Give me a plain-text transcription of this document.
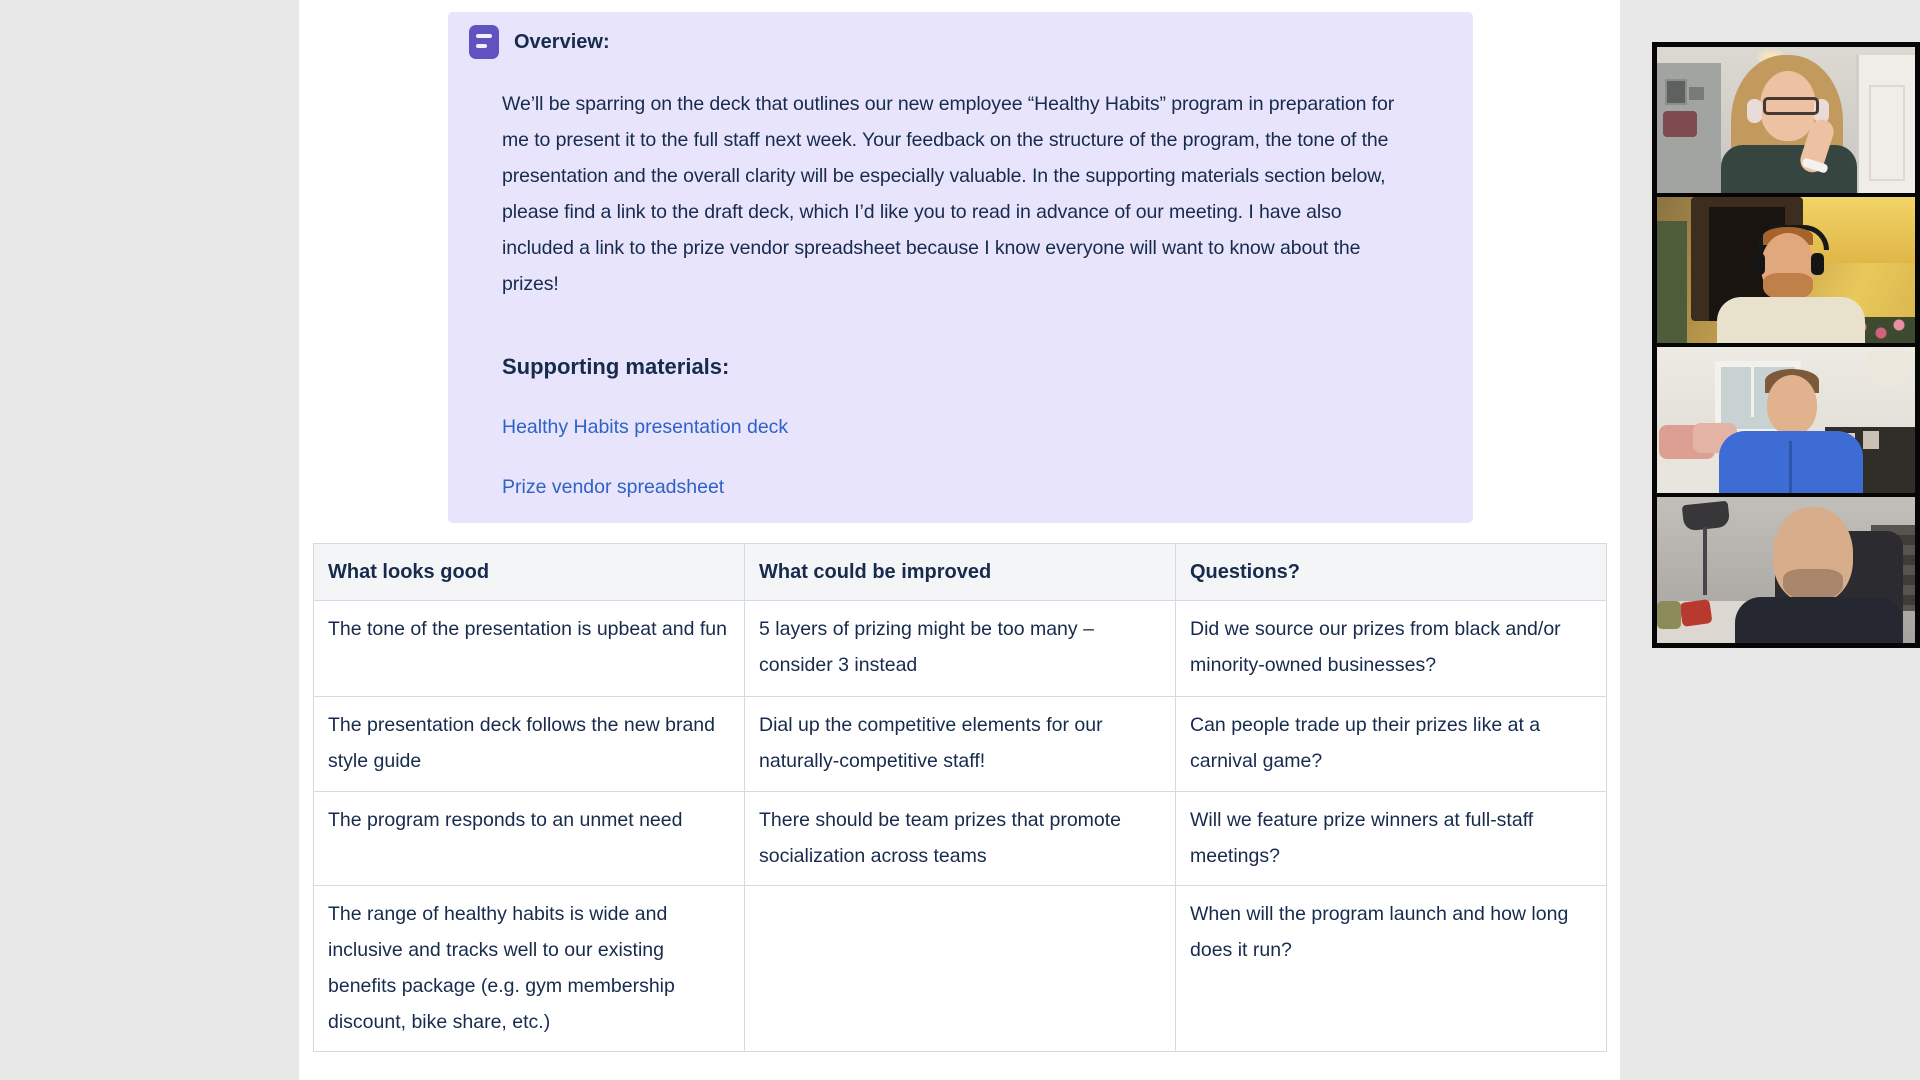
Overview:
We’ll be sparring on the deck that outlines our new employee “Healthy Habits” program in preparation for me to present it to the full staff next week. Your feedback on the structure of the program, the tone of the presentation and the overall clarity will be especially valuable. In the supporting materials section below, please find a link to the draft deck, which I’d like you to read in advance of our meeting. I have also included a link to the prize vendor spreadsheet because I know everyone will want to know about the prizes!
Supporting materials:
Healthy Habits presentation deck
Prize vendor spreadsheet
What looks good	What could be improved	Questions?
The tone of the presentation is upbeat and fun	5 layers of prizing might be too many – consider 3 instead	Did we source our prizes from black and/or minority-owned businesses?
The presentation deck follows the new brand style guide	Dial up the competitive elements for our naturally-competitive staff!	Can people trade up their prizes like at a carnival game?
The program responds to an unmet need	There should be team prizes that promote socialization across teams	Will we feature prize winners at full-staff meetings?
The range of healthy habits is wide and inclusive and tracks well to our existing benefits package (e.g. gym membership discount, bike share, etc.)		When will the program launch and how long does it run?
